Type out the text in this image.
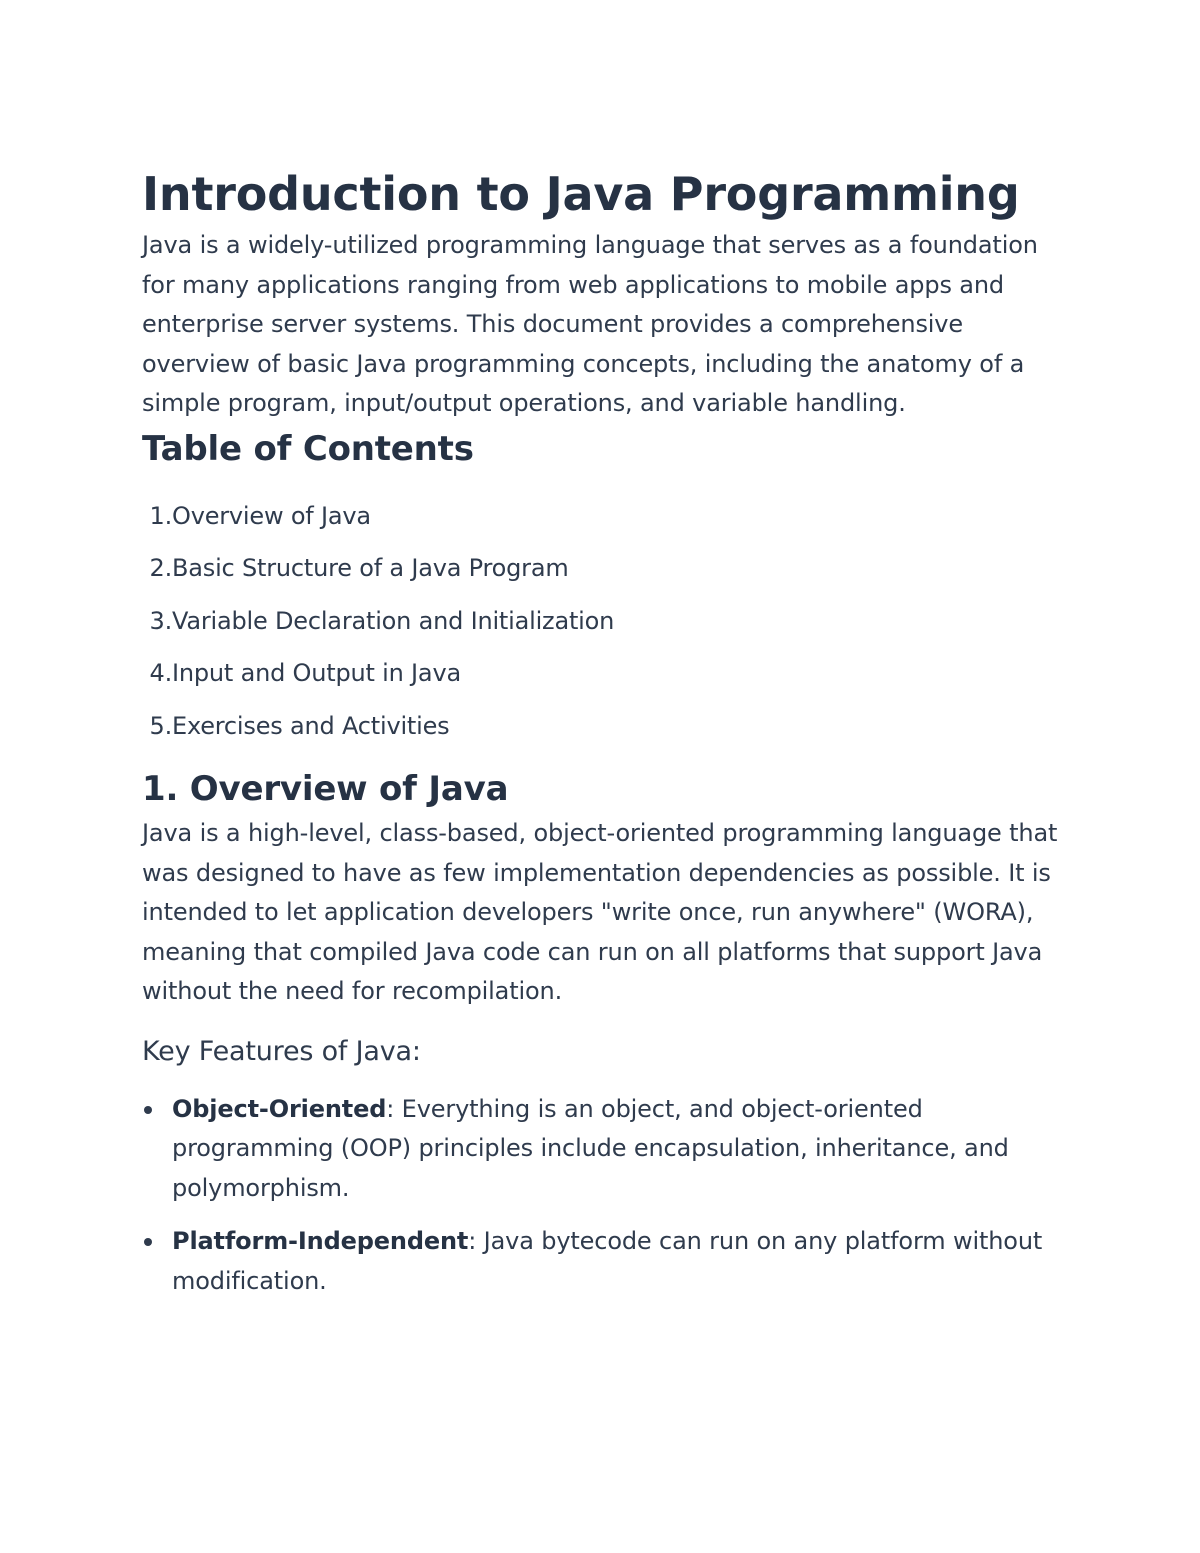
Introduction to Java Programming

Java is a widely-utilized programming language that serves as a foundation for many applications ranging from web applications to mobile apps and enterprise server systems. This document provides a comprehensive overview of basic Java programming concepts, including the anatomy of a simple program, input/output operations, and variable handling.

Table of Contents
1. Overview of Java
2. Basic Structure of a Java Program
3. Variable Declaration and Initialization
4. Input and Output in Java
5. Exercises and Activities
1. Overview of Java

Java is a high-level, class-based, object-oriented programming language that was designed to have as few implementation dependencies as possible. It is intended to let application developers "write once, run anywhere" (WORA), meaning that compiled Java code can run on all platforms that support Java without the need for recompilation.

Key Features of Java:
Object-Oriented: Everything is an object, and object-oriented programming (OOP) principles include encapsulation, inheritance, and polymorphism.
Platform-Independent: Java bytecode can run on any platform without modification.
